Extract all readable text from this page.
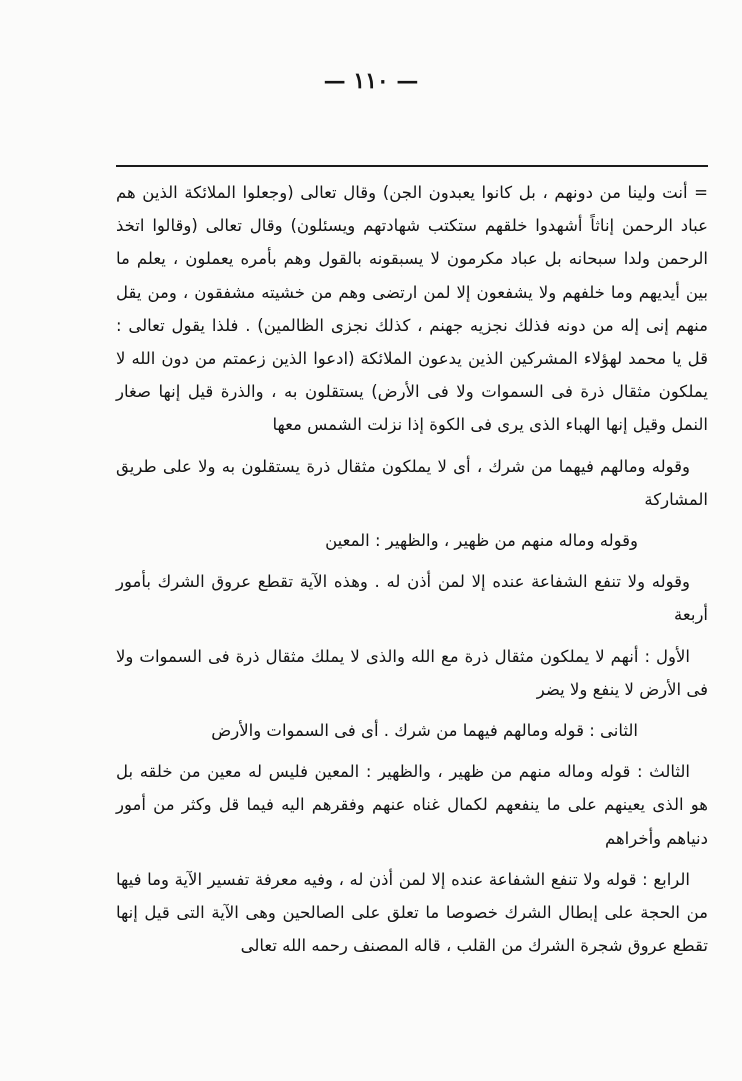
— ١١٠ —

= أنت ولينا من دونهم ، بل كانوا يعبدون الجن) وقال تعالى (وجعلوا الملائكة الذين هم عباد الرحمن إناثاً أشهدوا خلقهم ستكتب شهادتهم ويسئلون) وقال تعالى (وقالوا اتخذ الرحمن ولدا سبحانه بل عباد مكرمون لا يسبقونه بالقول وهم بأمره يعملون ، يعلم ما بين أيديهم وما خلفهم ولا يشفعون إلا لمن ارتضى وهم من خشيته مشفقون ، ومن يقل منهم إنى إله من دونه فذلك نجزيه جهنم ، كذلك نجزى الظالمين) . فلذا يقول تعالى : قل يا محمد لهؤلاء المشركين الذين يدعون الملائكة (ادعوا الذين زعمتم من دون الله لا يملكون مثقال ذرة فى السموات ولا فى الأرض) يستقلون به ، والذرة قيل إنها صغار النمل وقيل إنها الهباء الذى يرى فى الكوة إذا نزلت الشمس معها

وقوله ومالهم فيهما من شرك ، أى لا يملكون مثقال ذرة يستقلون به ولا على طريق المشاركة

وقوله وماله منهم من ظهير ، والظهير : المعين

وقوله ولا تنفع الشفاعة عنده إلا لمن أذن له . وهذه الآية تقطع عروق الشرك بأمور أربعة

الأول : أنهم لا يملكون مثقال ذرة مع الله والذى لا يملك مثقال ذرة فى السموات ولا فى الأرض لا ينفع ولا يضر

الثانى : قوله ومالهم فيهما من شرك . أى فى السموات والأرض

الثالث : قوله وماله منهم من ظهير ، والظهير : المعين فليس له معين من خلقه بل هو الذى يعينهم على ما ينفعهم لكمال غناه عنهم وفقرهم اليه فيما قل وكثر من أمور دنياهم وأخراهم

الرابع : قوله ولا تنفع الشفاعة عنده إلا لمن أذن له ، وفيه معرفة تفسير الآية وما فيها من الحجة على إبطال الشرك خصوصا ما تعلق على الصالحين وهى الآية التى قيل إنها تقطع عروق شجرة الشرك من القلب ، قاله المصنف رحمه الله تعالى
